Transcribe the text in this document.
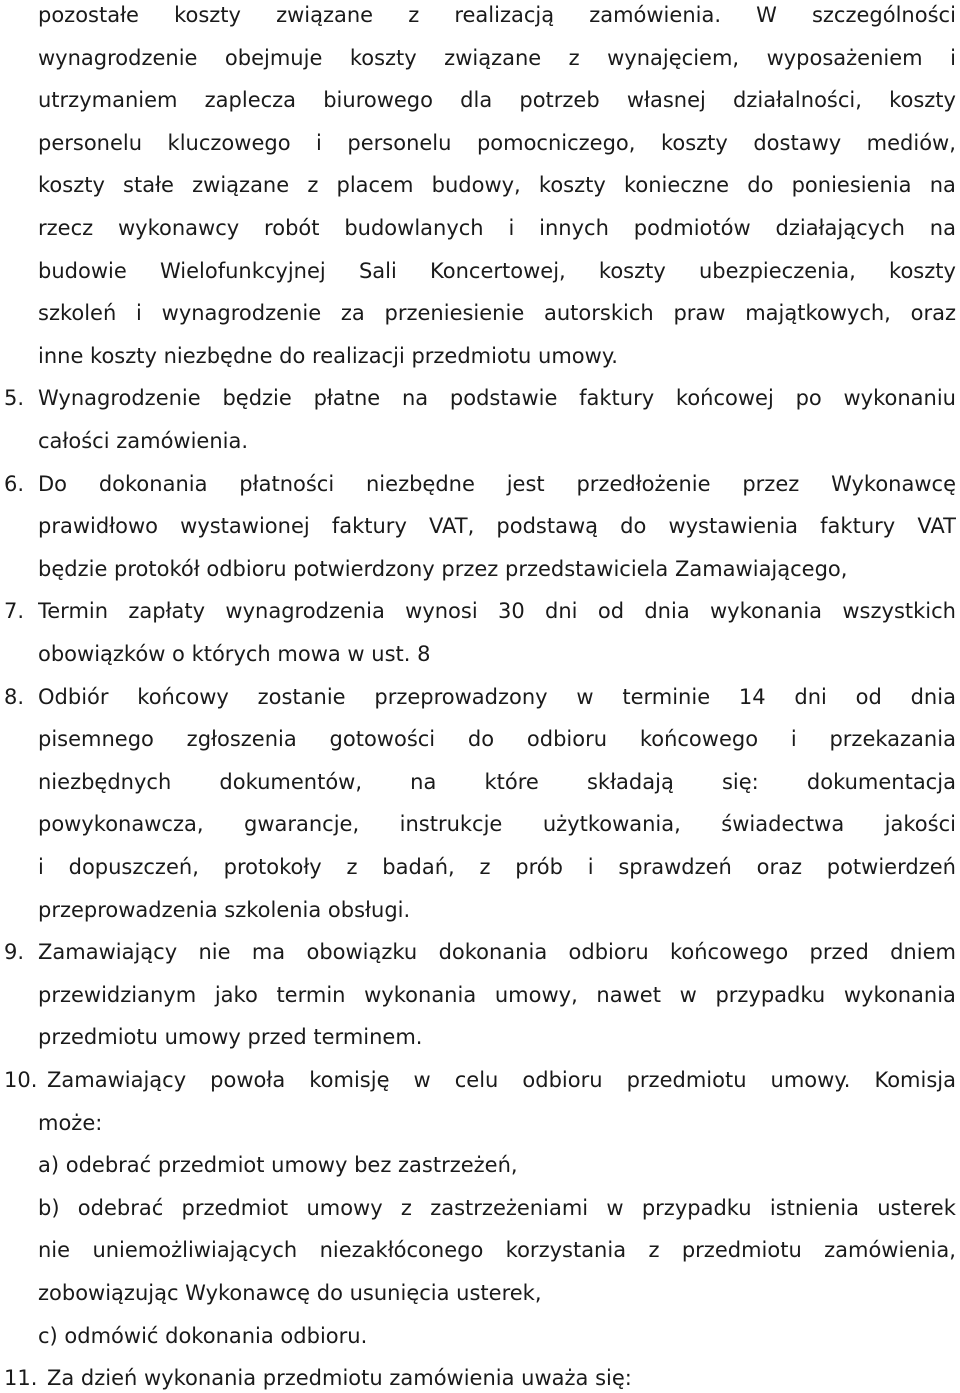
pozostałe koszty związane z realizacją zamówienia. W szczególności
wynagrodzenie obejmuje koszty związane z wynajęciem, wyposażeniem i
utrzymaniem zaplecza biurowego dla potrzeb własnej działalności, koszty
personelu kluczowego i personelu pomocniczego, koszty dostawy mediów,
koszty stałe związane z placem budowy, koszty konieczne do poniesienia na
rzecz wykonawcy robót budowlanych i innych podmiotów działających na
budowie Wielofunkcyjnej Sali Koncertowej, koszty ubezpieczenia, koszty
szkoleń i wynagrodzenie za przeniesienie autorskich praw majątkowych, oraz
inne koszty niezbędne do realizacji przedmiotu umowy.
5. Wynagrodzenie będzie płatne na podstawie faktury końcowej po wykonaniu
całości zamówienia.
6. Do dokonania płatności niezbędne jest przedłożenie przez Wykonawcę
prawidłowo wystawionej faktury VAT, podstawą do wystawienia faktury VAT
będzie protokół odbioru potwierdzony przez przedstawiciela Zamawiającego,
7. Termin zapłaty wynagrodzenia wynosi 30 dni od dnia wykonania wszystkich
obowiązków o których mowa w ust. 8
8. Odbiór końcowy zostanie przeprowadzony w terminie 14 dni od dnia
pisemnego zgłoszenia gotowości do odbioru końcowego i przekazania
niezbędnych dokumentów, na które składają się: dokumentacja
powykonawcza, gwarancje, instrukcje użytkowania, świadectwa jakości
i dopuszczeń, protokoły z badań, z prób i sprawdzeń oraz potwierdzeń
przeprowadzenia szkolenia obsługi.
9. Zamawiający nie ma obowiązku dokonania odbioru końcowego przed dniem
przewidzianym jako termin wykonania umowy, nawet w przypadku wykonania
przedmiotu umowy przed terminem.
10. Zamawiający powoła komisję w celu odbioru przedmiotu umowy. Komisja
może:
a) odebrać przedmiot umowy bez zastrzeżeń,
b) odebrać przedmiot umowy z zastrzeżeniami w przypadku istnienia usterek
nie uniemożliwiających niezakłóconego korzystania z przedmiotu zamówienia,
zobowiązując Wykonawcę do usunięcia usterek,
c) odmówić dokonania odbioru.
11. Za dzień wykonania przedmiotu zamówienia uważa się:
